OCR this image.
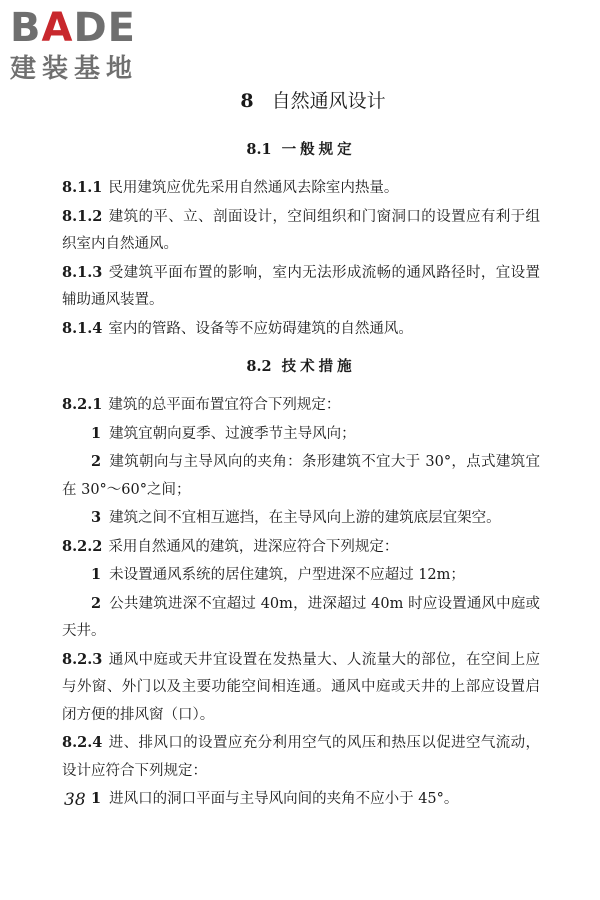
BADE
建装基地
8 自然通风设计
8.1 一般规定

8.1.1 民用建筑应优先采用自然通风去除室内热量。

8.1.2 建筑的平、立、剖面设计，空间组织和门窗洞口的设置应有利于组织室内自然通风。

8.1.3 受建筑平面布置的影响，室内无法形成流畅的通风路径时，宜设置辅助通风装置。

8.1.4 室内的管路、设备等不应妨碍建筑的自然通风。

8.2 技术措施

8.2.1 建筑的总平面布置宜符合下列规定：

1 建筑宜朝向夏季、过渡季节主导风向；

2 建筑朝向与主导风向的夹角：条形建筑不宜大于 30°，点式建筑宜在 30°～60°之间；

3 建筑之间不宜相互遮挡，在主导风向上游的建筑底层宜架空。

8.2.2 采用自然通风的建筑，进深应符合下列规定：

1 未设置通风系统的居住建筑，户型进深不应超过 12m；

2 公共建筑进深不宜超过 40m，进深超过 40m 时应设置通风中庭或天井。

8.2.3 通风中庭或天井宜设置在发热量大、人流量大的部位，在空间上应与外窗、外门以及主要功能空间相连通。通风中庭或天井的上部应设置启闭方便的排风窗（口）。

8.2.4 进、排风口的设置应充分利用空气的风压和热压以促进空气流动，设计应符合下列规定：

1 进风口的洞口平面与主导风向间的夹角不应小于 45°。

38
